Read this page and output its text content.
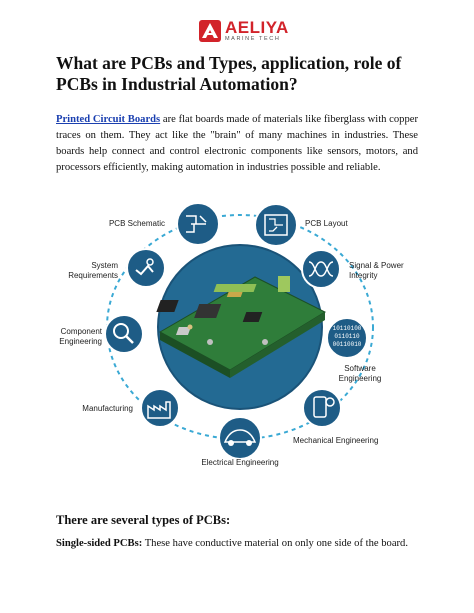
AELIYA
MARINE TECH
What are PCBs and Types, application, role of PCBs in Industrial Automation?

Printed Circuit Boards are flat boards made of materials like fiberglass with copper traces on them. They act like the "brain" of many machines in industries. These boards help connect and control electronic components like sensors, motors, and processors efficiently, making automation in industries possible and reliable.

10110100
0110110
00110010
PCB Schematic	PCB Layout
System Requirements
Signal & Power Integrity
Component Engineering
Software Engineering
Manufacturing
Mechanical Engineering
Electrical Engineering
There are several types of PCBs:

Single-sided PCBs: These have conductive material on only one side of the board.
